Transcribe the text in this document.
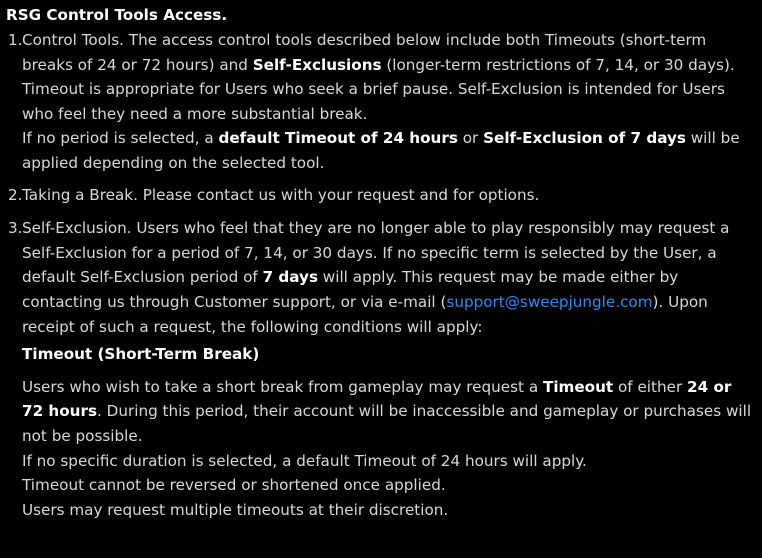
RSG Control Tools Access.
1. Control Tools. The access control tools described below include both Timeouts (short-term breaks of 24 or 72 hours) and Self-Exclusions (longer-term restrictions of 7, 14, or 30 days). Timeout is appropriate for Users who seek a brief pause. Self-Exclusion is intended for Users who feel they need a more substantial break.
If no period is selected, a default Timeout of 24 hours or Self-Exclusion of 7 days will be applied depending on the selected tool.
2. Taking a Break. Please contact us with your request and for options.
3. Self-Exclusion. Users who feel that they are no longer able to play responsibly may request a Self-Exclusion for a period of 7, 14, or 30 days. If no specific term is selected by the User, a default Self-Exclusion period of 7 days will apply. This request may be made either by contacting us through Customer support, or via e-mail (support@sweepjungle.com). Upon receipt of such a request, the following conditions will apply:
Timeout (Short-Term Break)
Users who wish to take a short break from gameplay may request a Timeout of either 24 or 72 hours. During this period, their account will be inaccessible and gameplay or purchases will not be possible.
If no specific duration is selected, a default Timeout of 24 hours will apply.
Timeout cannot be reversed or shortened once applied.
Users may request multiple timeouts at their discretion.
